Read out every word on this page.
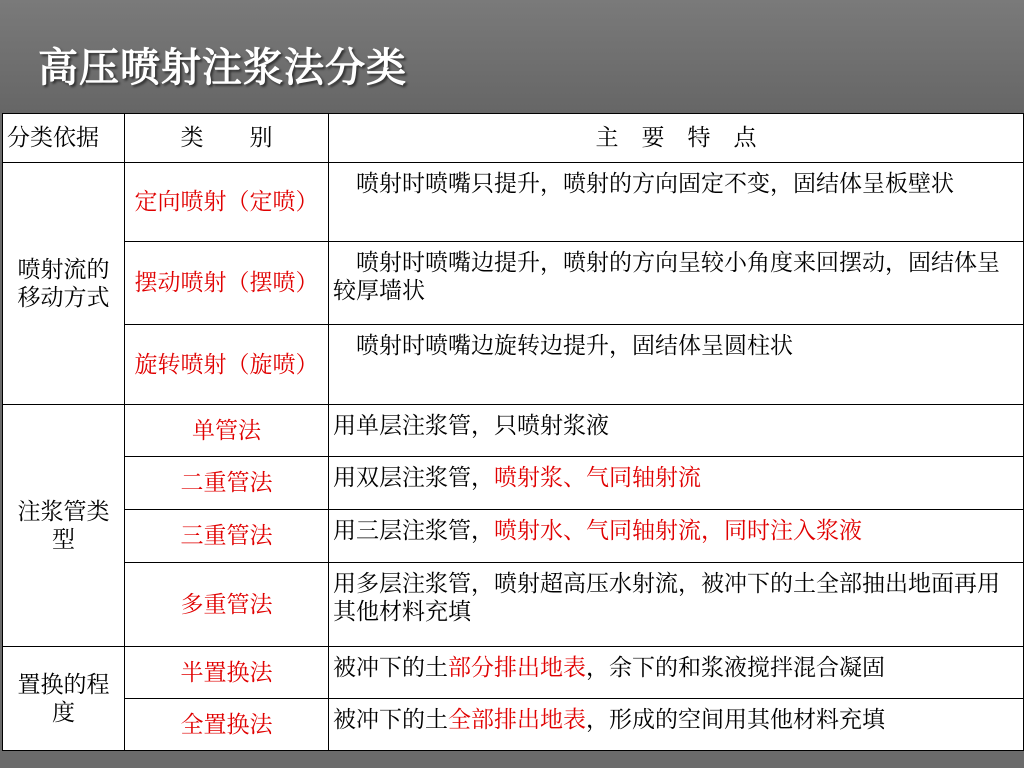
高压喷射注浆法分类
分类依据	类　　别	主　要　特　点
喷射流的移动方式	定向喷射（定喷）	　喷射时喷嘴只提升，喷射的方向固定不变，固结体呈板壁状
	摆动喷射（摆喷）	　喷射时喷嘴边提升，喷射的方向呈较小角度来回摆动，固结体呈较厚墙状
	旋转喷射（旋喷）	　喷射时喷嘴边旋转边提升，固结体呈圆柱状
注浆管类型	单管法	用单层注浆管，只喷射浆液
	二重管法	用双层注浆管，喷射浆、气同轴射流
	三重管法	用三层注浆管，喷射水、气同轴射流，同时注入浆液
	多重管法	用多层注浆管，喷射超高压水射流，被冲下的土全部抽出地面再用其他材料充填
置换的程度	半置换法	被冲下的土部分排出地表，余下的和浆液搅拌混合凝固
	全置换法	被冲下的土全部排出地表，形成的空间用其他材料充填
